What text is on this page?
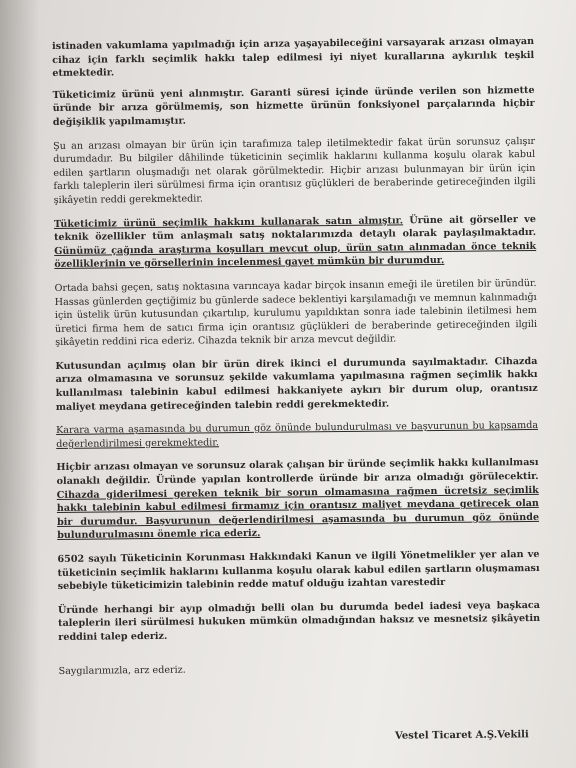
istinaden vakumlama yapılmadığı için arıza yaşayabileceğini varsayarak arızası olmayan cihaz için farklı seçimlik hakkı talep edilmesi iyi niyet kurallarına aykırılık teşkil etmektedir.

Tüketicimiz ürünü yeni alınmıştır. Garanti süresi içinde üründe verilen son hizmette üründe bir arıza görülmemiş, son hizmette ürünün fonksiyonel parçalarında hiçbir değişiklik yapılmamıştır.

Şu an arızası olmayan bir ürün için tarafımıza talep iletilmektedir fakat ürün sorunsuz çalışır durumdadır. Bu bilgiler dâhilinde tüketicinin seçimlik haklarını kullanma koşulu olarak kabul edilen şartların oluşmadığı net olarak görülmektedir. Hiçbir arızası bulunmayan bir ürün için farklı taleplerin ileri sürülmesi firma için orantısız güçlükleri de beraberinde getireceğinden ilgili şikâyetin reddi gerekmektedir.

Tüketicimiz ürünü seçimlik hakkını kullanarak satın almıştır. Ürüne ait görseller ve teknik özellikler tüm anlaşmalı satış noktalarımızda detaylı olarak paylaşılmaktadır. Günümüz çağında araştırma koşulları mevcut olup, ürün satın alınmadan önce teknik özelliklerinin ve görsellerinin incelenmesi gayet mümkün bir durumdur.

Ortada bahsi geçen, satış noktasına varıncaya kadar birçok insanın emeği ile üretilen bir üründür. Hassas günlerden geçtiğimiz bu günlerde sadece beklentiyi karşılamadığı ve memnun kalınmadığı için üstelik ürün kutusundan çıkartılıp, kurulumu yapıldıktan sonra iade talebinin iletilmesi hem üretici firma hem de satıcı firma için orantısız güçlükleri de beraberinde getireceğinden ilgili şikâyetin reddini rica ederiz. Cihazda teknik bir arıza mevcut değildir.

Kutusundan açılmış olan bir ürün direk ikinci el durumunda sayılmaktadır. Cihazda arıza olmamasına ve sorunsuz şekilde vakumlama yapılmasına rağmen seçimlik hakkı kullanılması talebinin kabul edilmesi hakkaniyete aykırı bir durum olup, orantısız maliyet meydana getireceğinden talebin reddi gerekmektedir.

Karara varma aşamasında bu durumun göz önünde bulundurulması ve başvurunun bu kapsamda değerlendirilmesi gerekmektedir.

Hiçbir arızası olmayan ve sorunsuz olarak çalışan bir üründe seçimlik hakkı kullanılması olanaklı değildir. Üründe yapılan kontrollerde üründe bir arıza olmadığı görülecektir. Cihazda giderilmesi gereken teknik bir sorun olmamasına rağmen ücretsiz seçimlik hakkı talebinin kabul edilmesi firmamız için orantısız maliyet meydana getirecek olan bir durumdur. Başvurunun değerlendirilmesi aşamasında bu durumun göz önünde bulundurulmasını önemle rica ederiz.

6502 sayılı Tüketicinin Korunması Hakkındaki Kanun ve ilgili Yönetmelikler yer alan ve tüketicinin seçimlik haklarını kullanma koşulu olarak kabul edilen şartların oluşmaması sebebiyle tüketicimizin talebinin redde matuf olduğu izahtan varestedir

Üründe herhangi bir ayıp olmadığı belli olan bu durumda bedel iadesi veya başkaca taleplerin ileri sürülmesi hukuken mümkün olmadığından haksız ve mesnetsiz şikâyetin reddini talep ederiz.

Saygılarımızla, arz ederiz.

Vestel Ticaret A.Ş.Vekili
